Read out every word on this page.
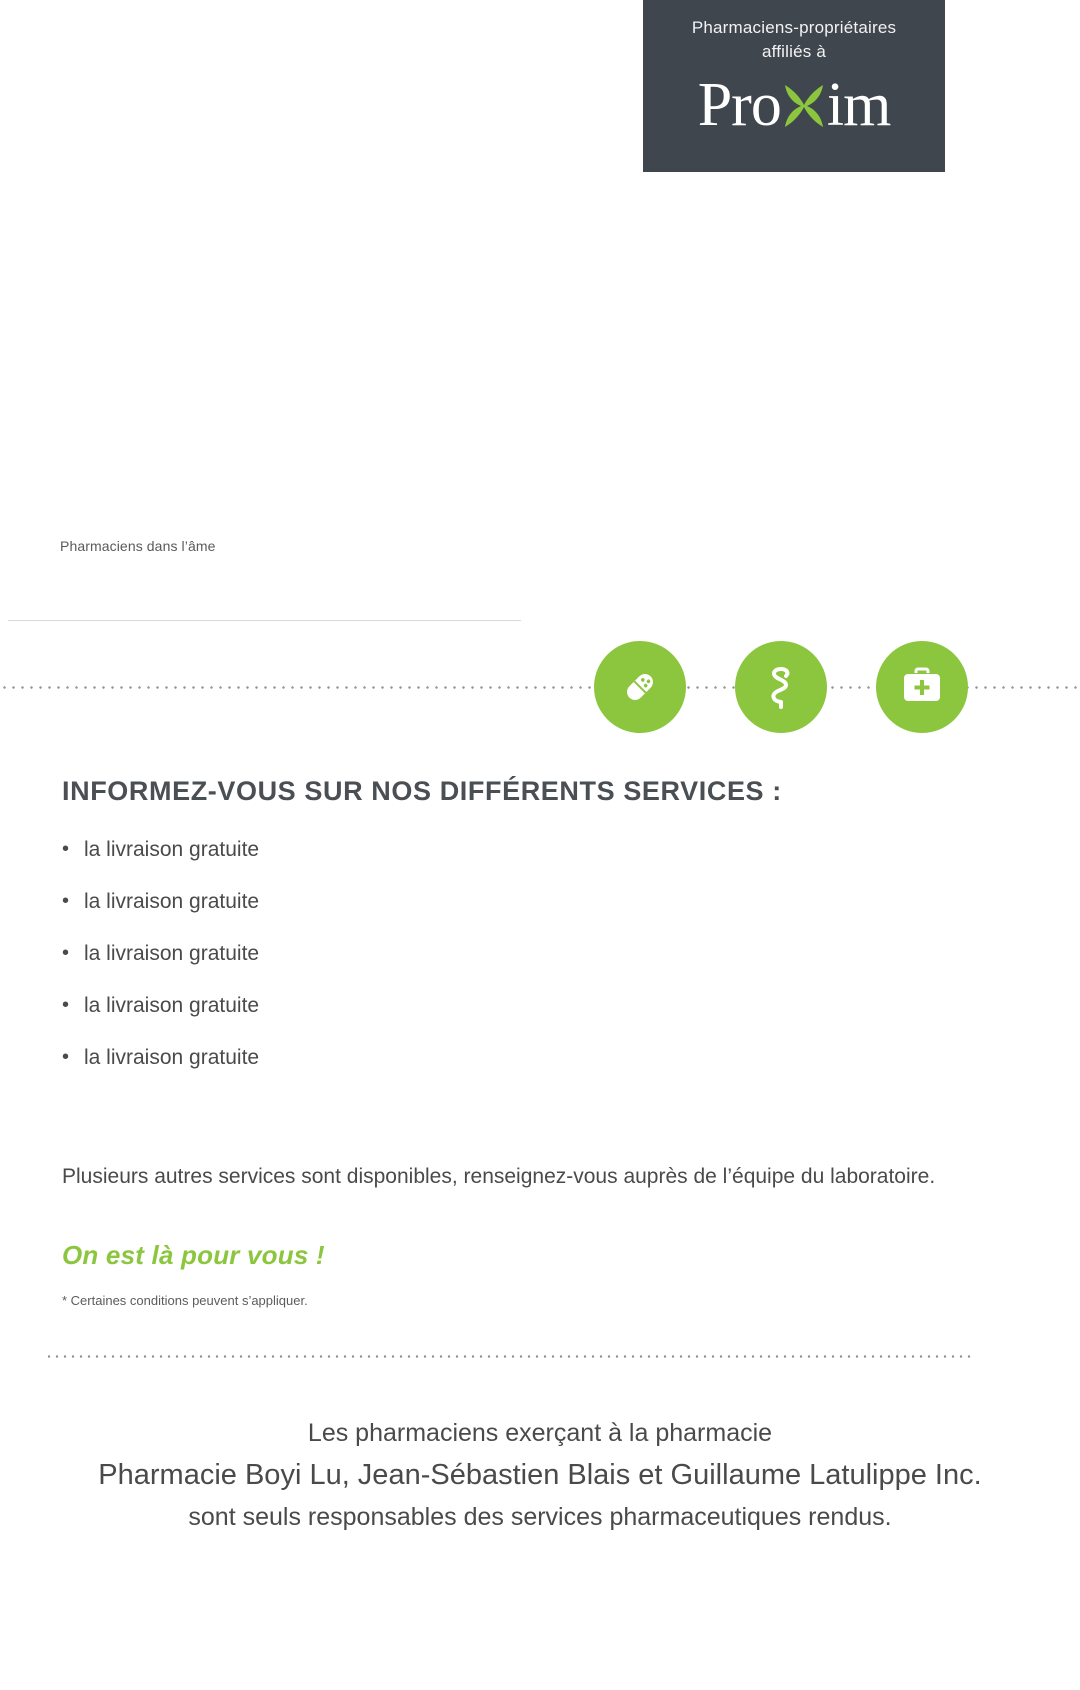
Pharmaciens-propriétaires
affiliés à
Pro im
Pharmaciens dans l’âme
INFORMEZ-VOUS SUR NOS DIFFÉRENTS SERVICES :
• la livraison gratuite
• la livraison gratuite
• la livraison gratuite
• la livraison gratuite
• la livraison gratuite
Plusieurs autres services sont disponibles, renseignez-vous auprès de l’équipe du laboratoire.
On est là pour vous !
* Certaines conditions peuvent s’appliquer.
Les pharmaciens exerçant à la pharmacie
Pharmacie Boyi Lu, Jean-Sébastien Blais et Guillaume Latulippe Inc.
sont seuls responsables des services pharmaceutiques rendus.
